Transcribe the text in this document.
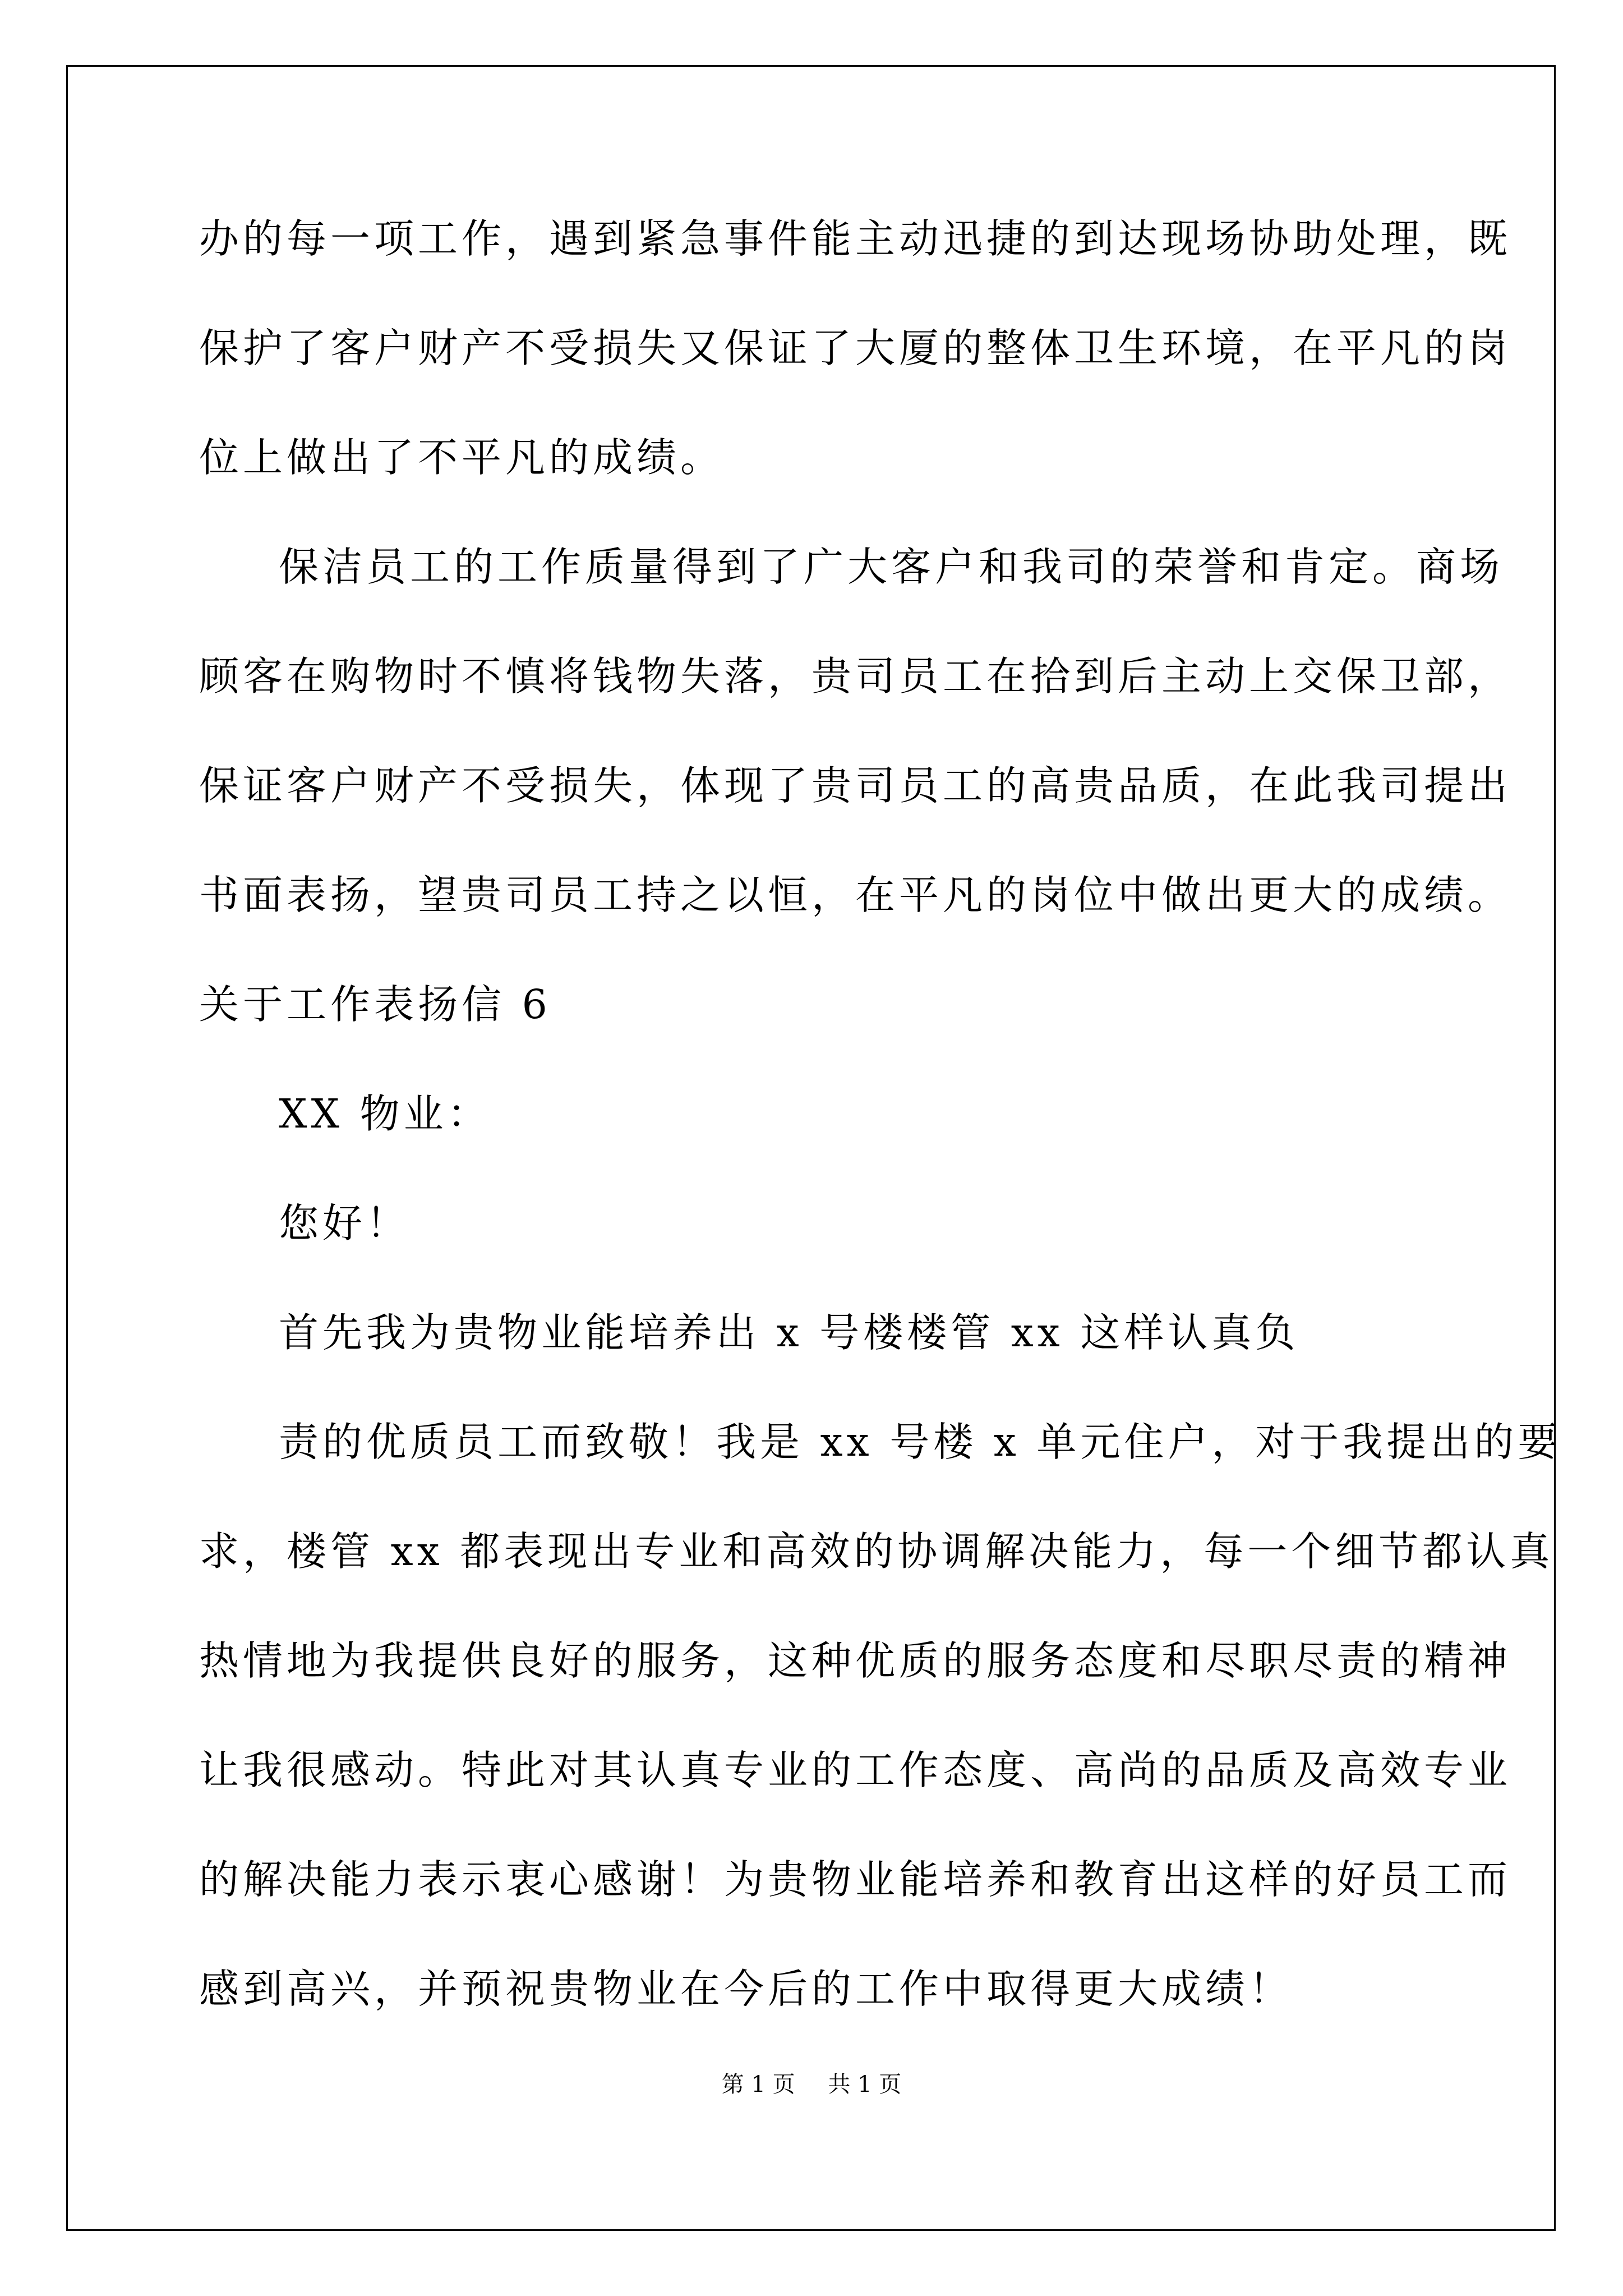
办的每一项工作，遇到紧急事件能主动迅捷的到达现场协助处理，既
保护了客户财产不受损失又保证了大厦的整体卫生环境，在平凡的岗
位上做出了不平凡的成绩。
保洁员工的工作质量得到了广大客户和我司的荣誉和肯定。商场
顾客在购物时不慎将钱物失落，贵司员工在拾到后主动上交保卫部，
保证客户财产不受损失，体现了贵司员工的高贵品质，在此我司提出
书面表扬，望贵司员工持之以恒，在平凡的岗位中做出更大的成绩。
关于工作表扬信 6
XX 物业：
您好！
首先我为贵物业能培养出 x 号楼楼管 xx 这样认真负
责的优质员工而致敬！我是 xx 号楼 x 单元住户，对于我提出的要
求，楼管 xx 都表现出专业和高效的协调解决能力，每一个细节都认真
热情地为我提供良好的服务，这种优质的服务态度和尽职尽责的精神
让我很感动。特此对其认真专业的工作态度、高尚的品质及高效专业
的解决能力表示衷心感谢！为贵物业能培养和教育出这样的好员工而
感到高兴，并预祝贵物业在今后的工作中取得更大成绩！
第 1 页 共 1 页
